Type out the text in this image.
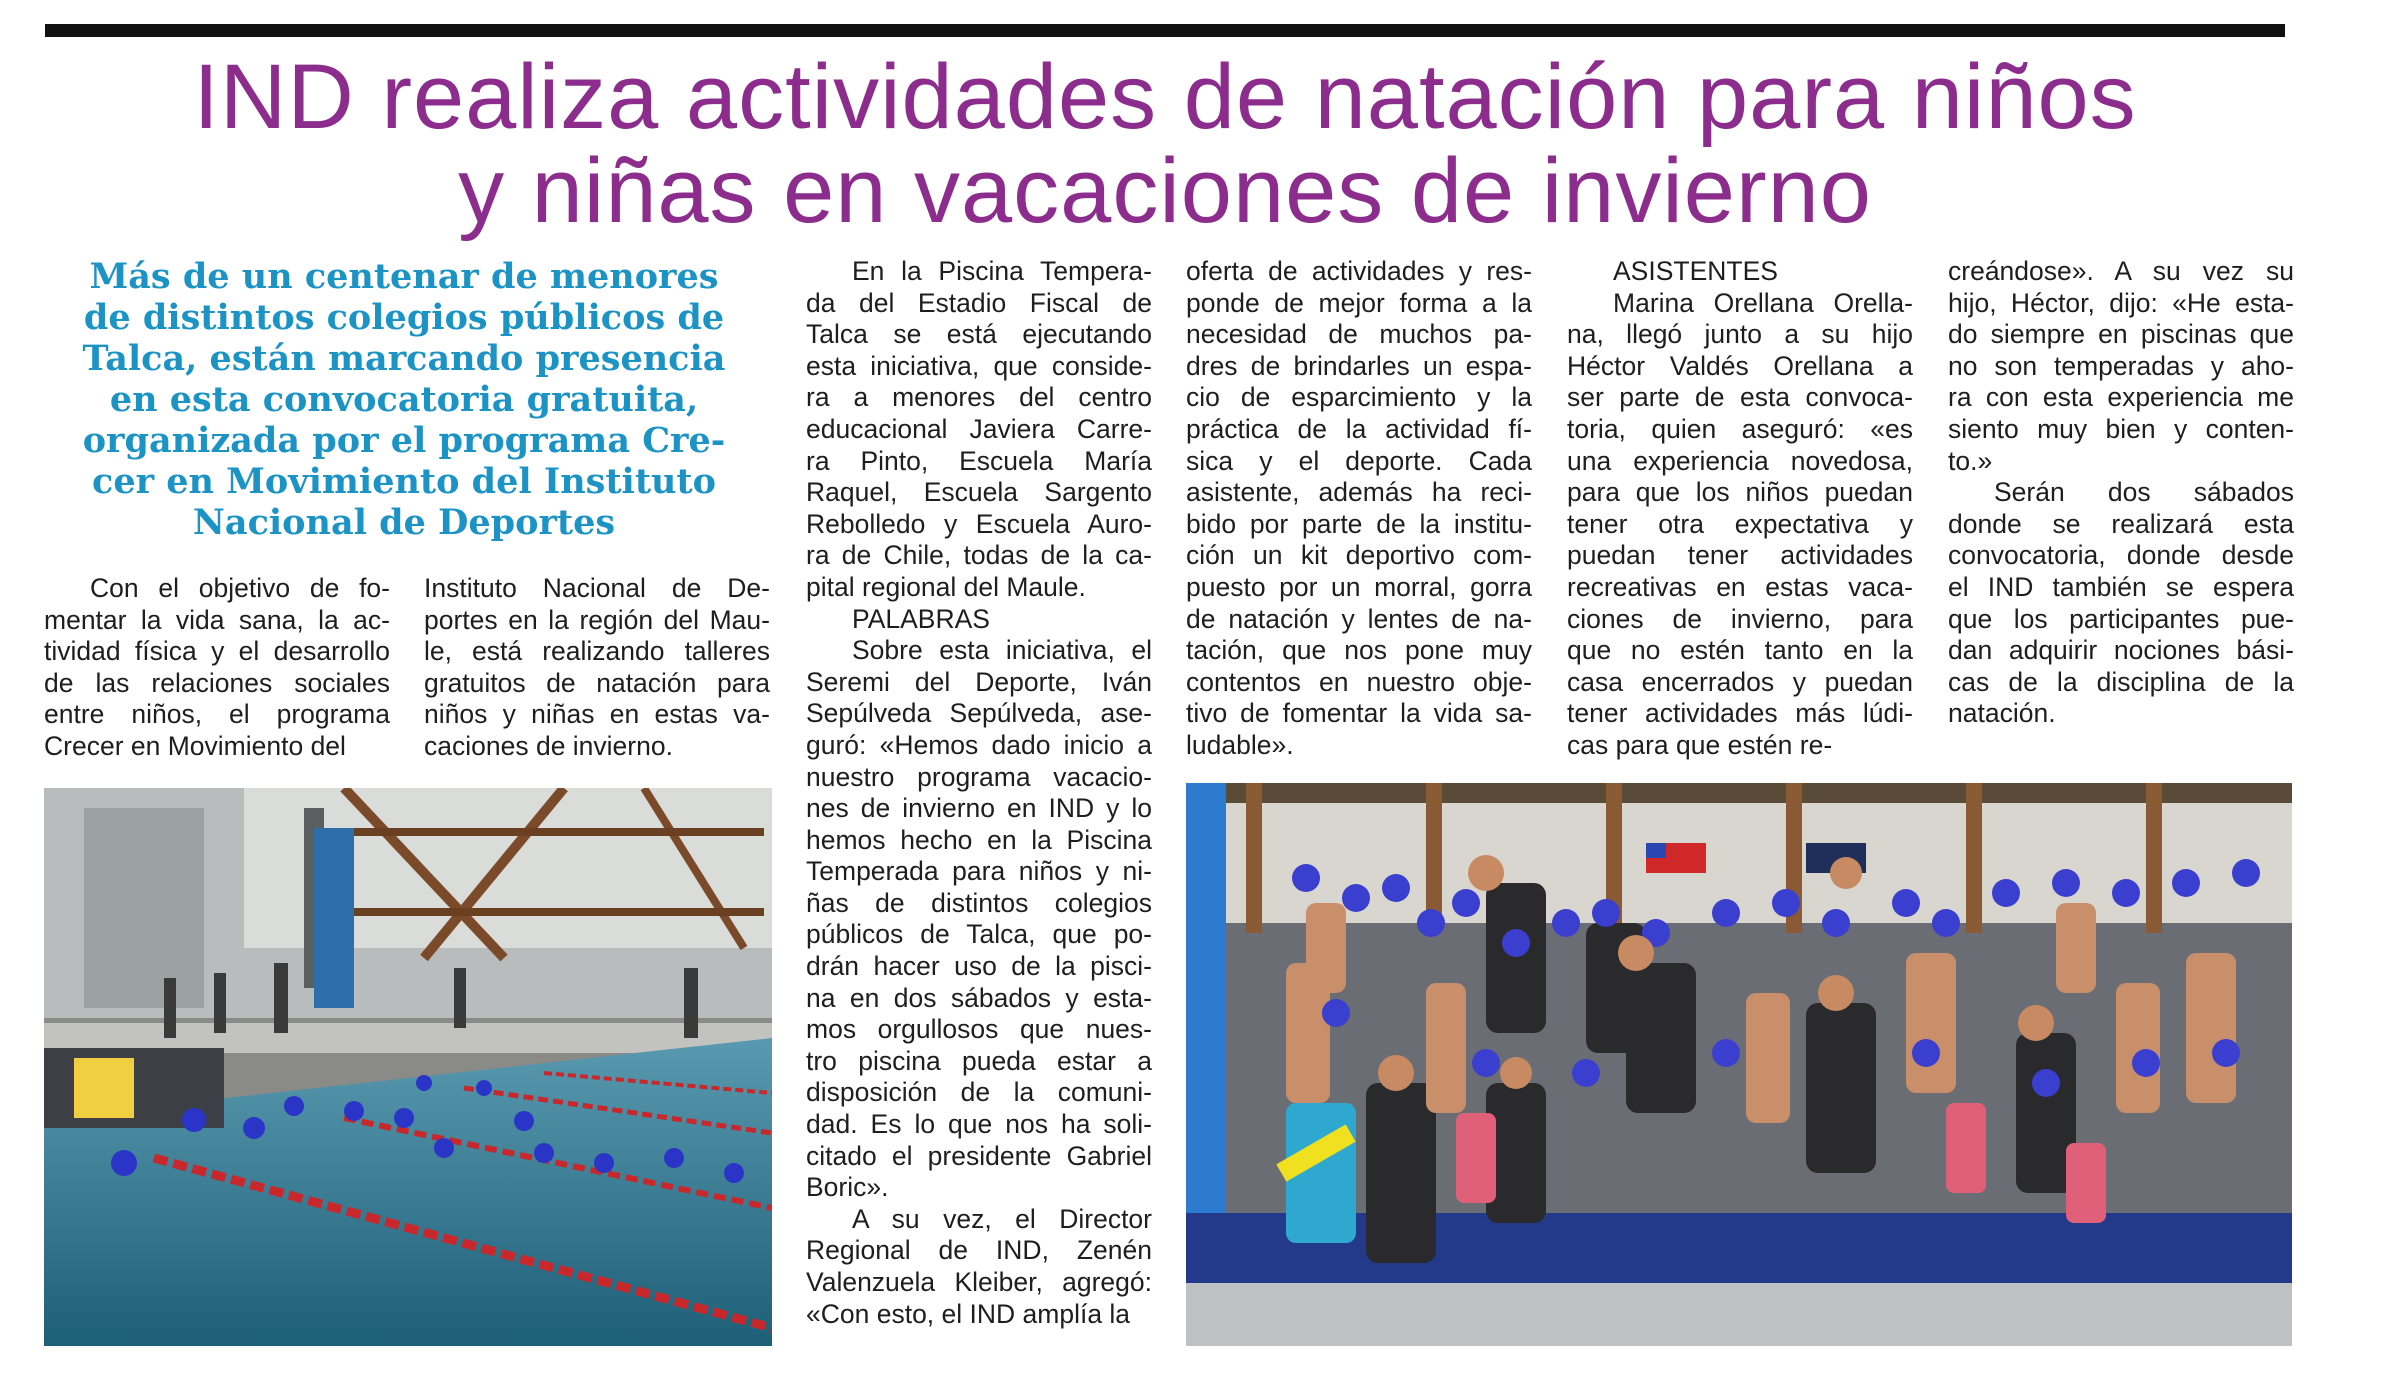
IND realiza actividades de natación para niños
y niñas en vacaciones de invierno
Más de un centenar de menores
de distintos colegios públicos de
Talca, están marcando presencia
en esta convocatoria gratuita,
organizada por el programa Cre-
cer en Movimiento del Instituto
Nacional de Deportes
Con el objetivo de fo-
mentar la vida sana, la ac-
tividad física y el desarrollo
de las relaciones sociales
entre niños, el programa
Crecer en Movimiento del
Instituto Nacional de De-
portes en la región del Mau-
le, está realizando talleres
gratuitos de natación para
niños y niñas en estas va-
caciones de invierno.
En la Piscina Tempera-
da del Estadio Fiscal de
Talca se está ejecutando
esta iniciativa, que conside-
ra a menores del centro
educacional Javiera Carre-
ra Pinto, Escuela María
Raquel, Escuela Sargento
Rebolledo y Escuela Auro-
ra de Chile, todas de la ca-
pital regional del Maule.
PALABRAS
Sobre esta iniciativa, el
Seremi del Deporte, Iván
Sepúlveda Sepúlveda, ase-
guró: «Hemos dado inicio a
nuestro programa vacacio-
nes de invierno en IND y lo
hemos hecho en la Piscina
Temperada para niños y ni-
ñas de distintos colegios
públicos de Talca, que po-
drán hacer uso de la pisci-
na en dos sábados y esta-
mos orgullosos que nues-
tro piscina pueda estar a
disposición de la comuni-
dad. Es lo que nos ha soli-
citado el presidente Gabriel
Boric».
A su vez, el Director
Regional de IND, Zenén
Valenzuela Kleiber, agregó:
«Con esto, el IND amplía la
oferta de actividades y res-
ponde de mejor forma a la
necesidad de muchos pa-
dres de brindarles un espa-
cio de esparcimiento y la
práctica de la actividad fí-
sica y el deporte. Cada
asistente, además ha reci-
bido por parte de la institu-
ción un kit deportivo com-
puesto por un morral, gorra
de natación y lentes de na-
tación, que nos pone muy
contentos en nuestro obje-
tivo de fomentar la vida sa-
ludable».
ASISTENTES
Marina Orellana Orella-
na, llegó junto a su hijo
Héctor Valdés Orellana a
ser parte de esta convoca-
toria, quien aseguró: «es
una experiencia novedosa,
para que los niños puedan
tener otra expectativa y
puedan tener actividades
recreativas en estas vaca-
ciones de invierno, para
que no estén tanto en la
casa encerrados y puedan
tener actividades más lúdi-
cas para que estén re-
creándose». A su vez su
hijo, Héctor, dijo: «He esta-
do siempre en piscinas que
no son temperadas y aho-
ra con esta experiencia me
siento muy bien y conten-
to.»
Serán dos sábados
donde se realizará esta
convocatoria, donde desde
el IND también se espera
que los participantes pue-
dan adquirir nociones bási-
cas de la disciplina de la
natación.
